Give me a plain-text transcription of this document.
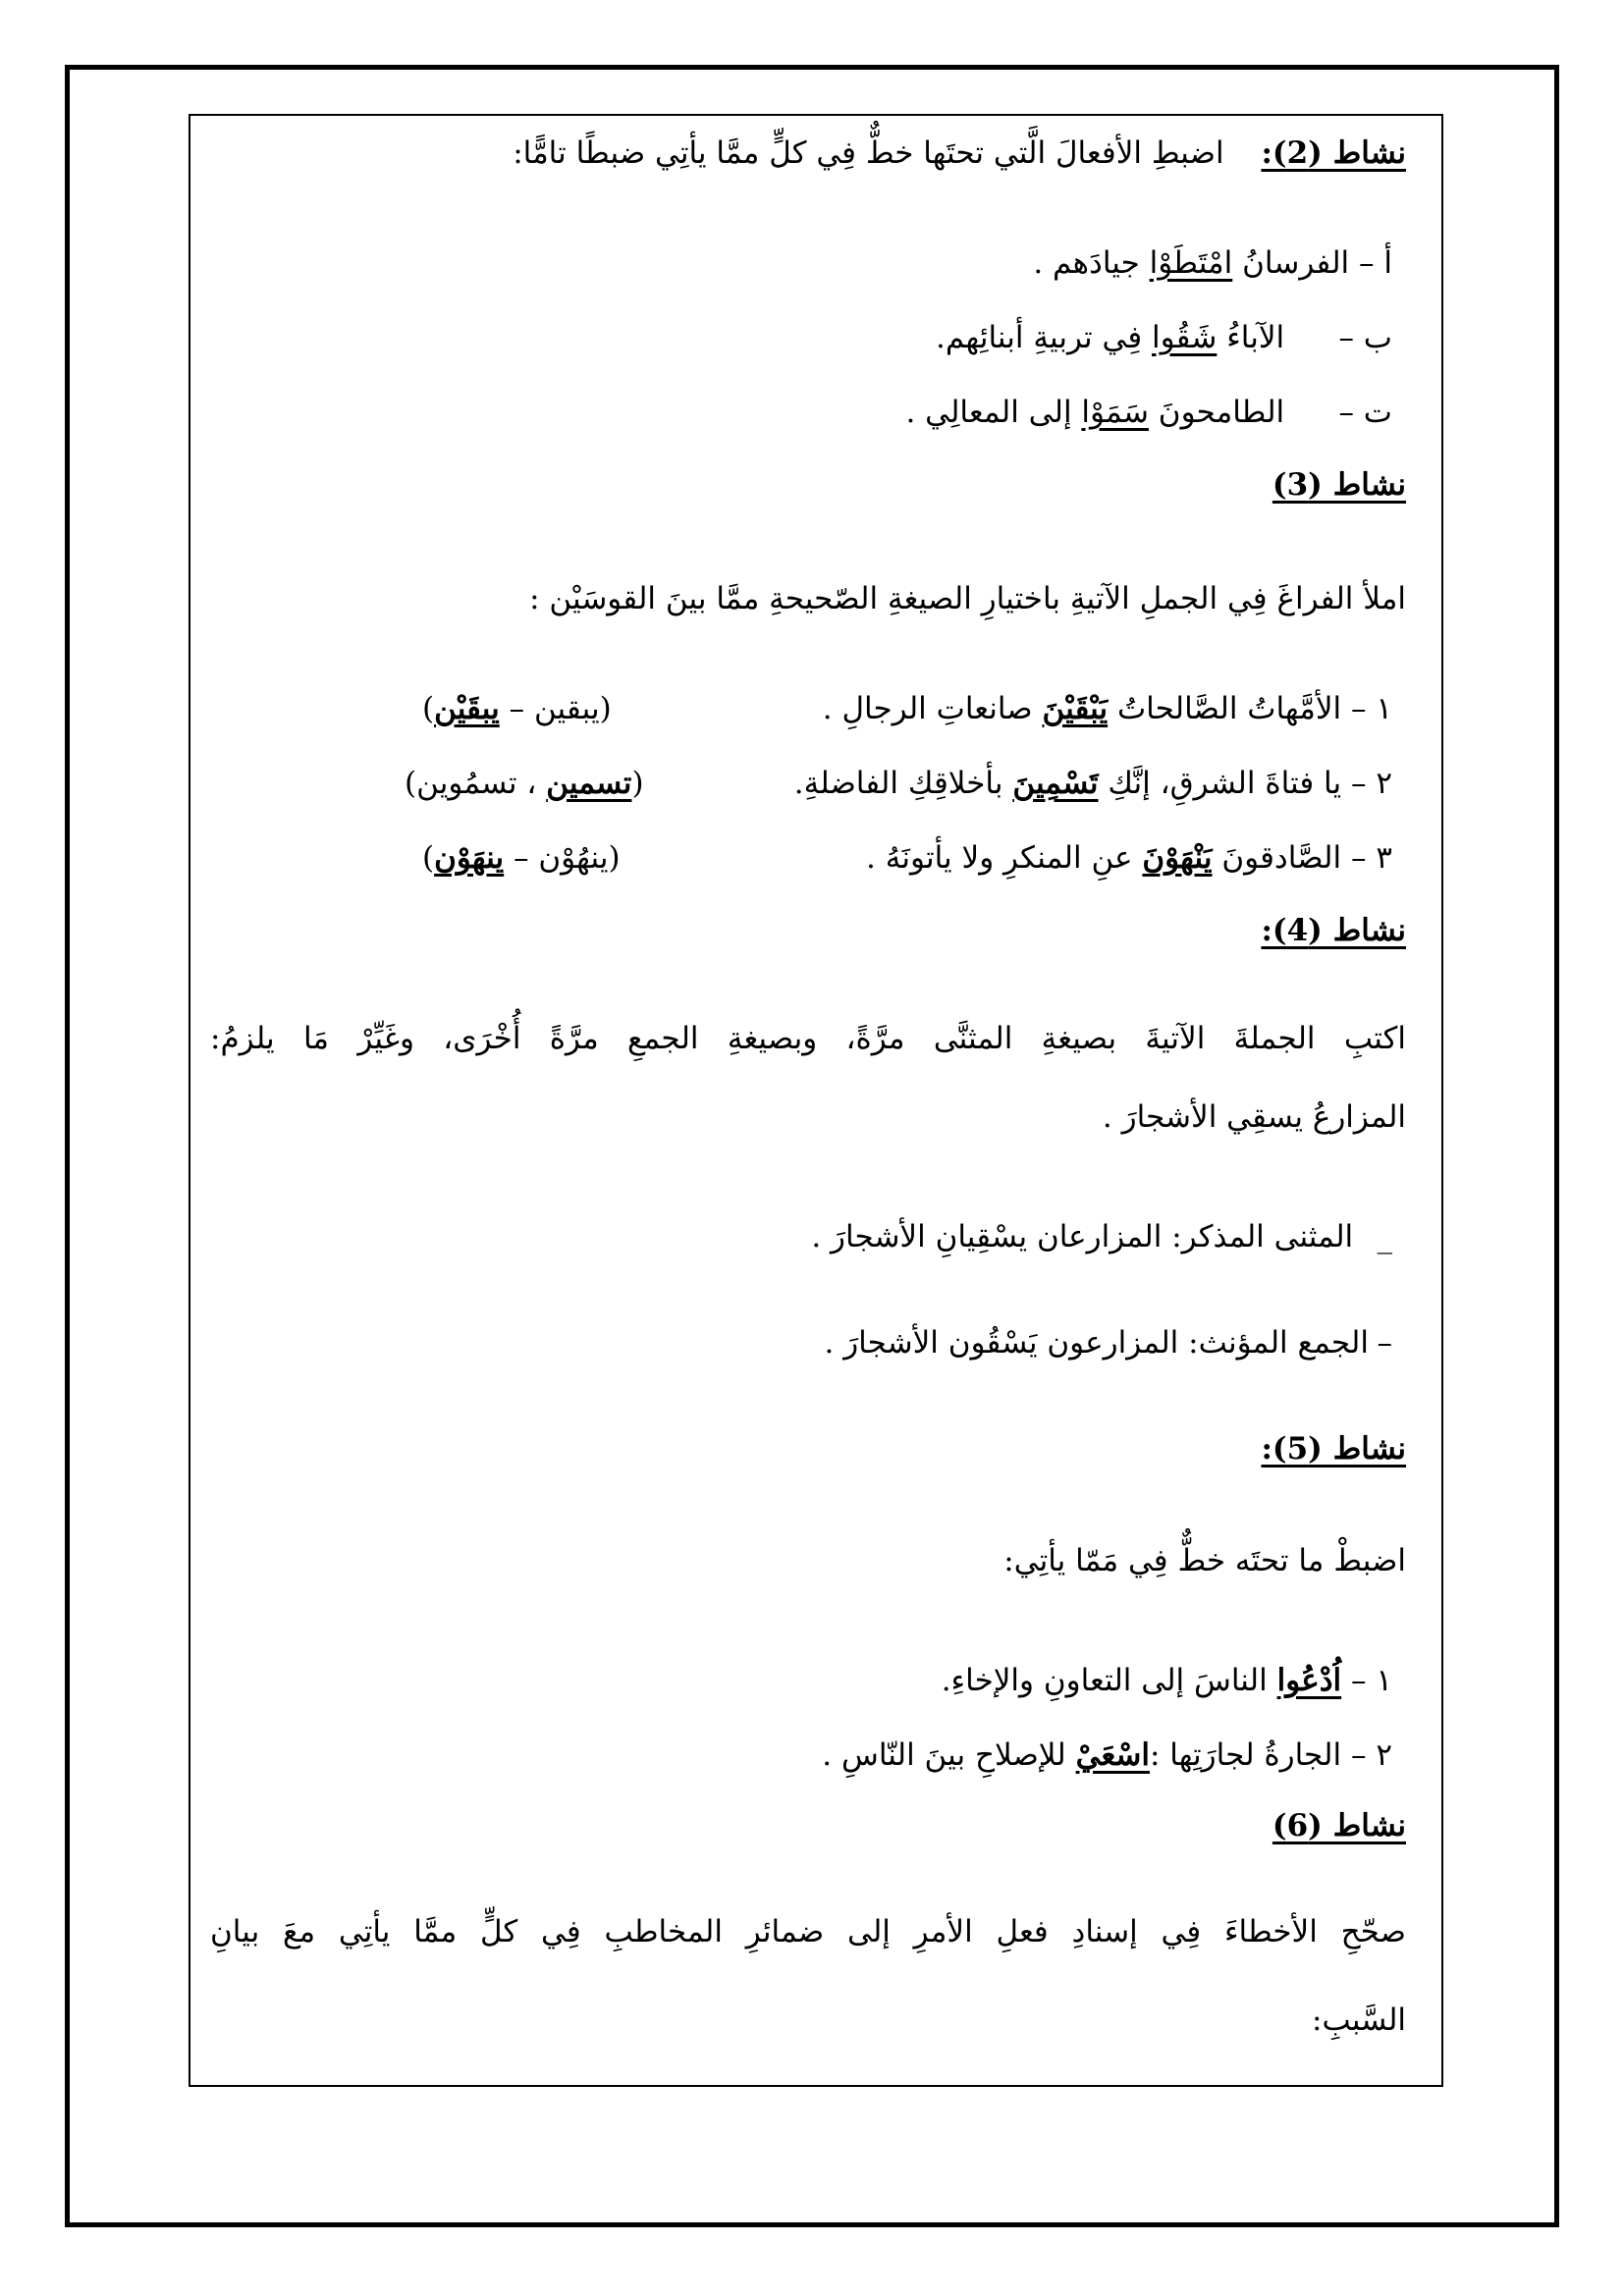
نشاط (2): اضبطِ الأفعالَ الَّتي تحتَها خطٌّ فِي كلٍّ ممَّا يأتِي ضبطًا تامًّا:
أ – الفرسانُ امْتَطَوْا جيادَهم .
ب – الآباءُ شَقُوا فِي تربيةِ أبنائِهم.
ت – الطامحونَ سَمَوْا إلى المعالِي .
نشاط (3)
املأ الفراغَ فِي الجملِ الآتيةِ باختيارِ الصيغةِ الصّحيحةِ ممَّا بينَ القوسَيْن :
١ – الأمَّهاتُ الصَّالحاتُ يَبْقَيْنَ صانعاتِ الرجالِ .
(يبقين – يبقَيْن)
٢ – يا فتاةَ الشرقِ، إنَّكِ تَسْمِينَ بأخلاقِكِ الفاضلةِ.
(تسمين ، تسمُوين)
٣ – الصَّادقونَ يَنْهَوْنَ عنِ المنكرِ ولا يأتونَهُ .
(ينهُوْن – ينهَوْن)
نشاط (4):
اكتبِ الجملةَ الآتيةَ بصيغةِ المثنَّى مرَّةً، وبصيغةِ الجمعِ مرَّةً أُخْرَى، وغَيِّرْ مَا يلزمُ:
المزارعُ يسقِي الأشجارَ .
_ المثنى المذكر: المزارعان يسْقِيانِ الأشجارَ .
–الجمع المؤنث: المزارعون يَسْقُون الأشجارَ .
نشاط (5):
اضبطْ ما تحتَه خطٌّ فِي مَمّا يأتِي:
١ – اُدْعُوا الناسَ إلى التعاونِ والإخاءِ.
٢ – الجارةُ لجارَتِها :اسْعَيْ للإصلاحِ بينَ النّاسِ .
نشاط (6)
صحّحِ الأخطاءَ فِي إسنادِ فعلِ الأمرِ إلى ضمائرِ المخاطبِ فِي كلٍّ ممَّا يأتِي معَ بيانِ
السَّببِ:
